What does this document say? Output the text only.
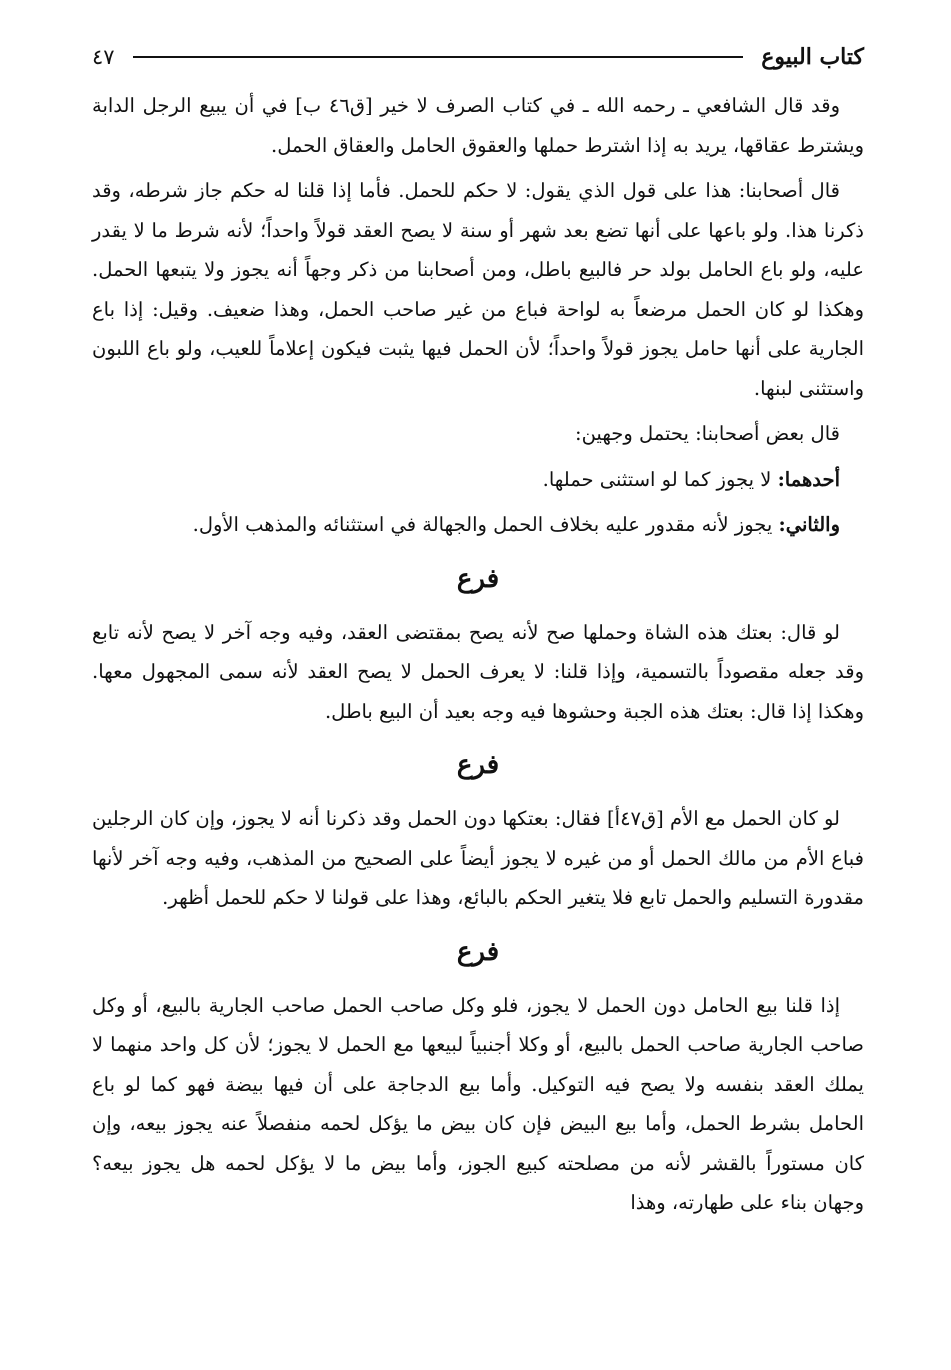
كتاب البيوع
٤٧

وقد قال الشافعي ـ رحمه الله ـ في كتاب الصرف لا خير [ق٤٦ ب] في أن يبيع الرجل الدابة ويشترط عقاقها، يريد به إذا اشترط حملها والعقوق الحامل والعقاق الحمل.

قال أصحابنا: هذا على قول الذي يقول: لا حكم للحمل. فأما إذا قلنا له حكم جاز شرطه، وقد ذكرنا هذا. ولو باعها على أنها تضع بعد شهر أو سنة لا يصح العقد قولاً واحداً؛ لأنه شرط ما لا يقدر عليه، ولو باع الحامل بولد حر فالبيع باطل، ومن أصحابنا من ذكر وجهاً أنه يجوز ولا يتبعها الحمل. وهكذا لو كان الحمل مرضعاً به لواحة فباع من غير صاحب الحمل، وهذا ضعيف. وقيل: إذا باع الجارية على أنها حامل يجوز قولاً واحداً؛ لأن الحمل فيها يثبت فيكون إعلاماً للعيب، ولو باع اللبون واستثنى لبنها.

قال بعض أصحابنا: يحتمل وجهين:

أحدهما: لا يجوز كما لو استثنى حملها.

والثاني: يجوز لأنه مقدور عليه بخلاف الحمل والجهالة في استثنائه والمذهب الأول.

فرع

لو قال: بعتك هذه الشاة وحملها صح لأنه يصح بمقتضى العقد، وفيه وجه آخر لا يصح لأنه تابع وقد جعله مقصوداً بالتسمية، وإذا قلنا: لا يعرف الحمل لا يصح العقد لأنه سمى المجهول معها. وهكذا إذا قال: بعتك هذه الجبة وحشوها فيه وجه بعيد أن البيع باطل.

فرع

لو كان الحمل مع الأم [ق٤٧أ] فقال: بعتكها دون الحمل وقد ذكرنا أنه لا يجوز، وإن كان الرجلين فباع الأم من مالك الحمل أو من غيره لا يجوز أيضاً على الصحيح من المذهب، وفيه وجه آخر لأنها مقدورة التسليم والحمل تابع فلا يتغير الحكم بالبائع، وهذا على قولنا لا حكم للحمل أظهر.

فرع

إذا قلنا بيع الحامل دون الحمل لا يجوز، فلو وكل صاحب الحمل صاحب الجارية بالبيع، أو وكل صاحب الجارية صاحب الحمل بالبيع، أو وكلا أجنبياً لبيعها مع الحمل لا يجوز؛ لأن كل واحد منهما لا يملك العقد بنفسه ولا يصح فيه التوكيل. وأما بيع الدجاجة على أن فيها بيضة فهو كما لو باع الحامل بشرط الحمل، وأما بيع البيض فإن كان بيض ما يؤكل لحمه منفصلاً عنه يجوز بيعه، وإن كان مستوراً بالقشر لأنه من مصلحته كبيع الجوز، وأما بيض ما لا يؤكل لحمه هل يجوز بيعه؟ وجهان بناء على طهارته، وهذا
